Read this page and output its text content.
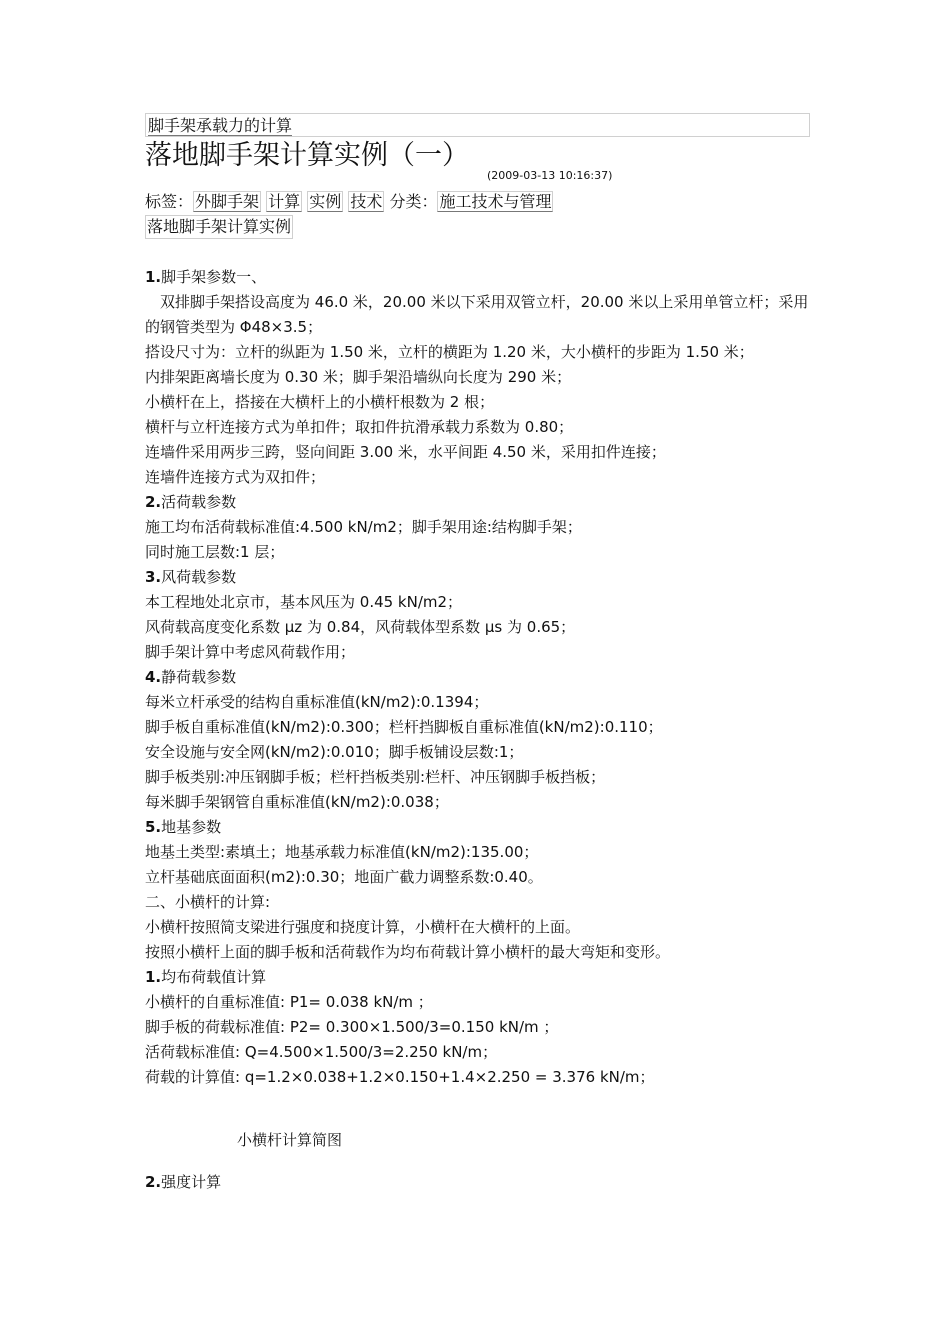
脚手架承载力的计算
落地脚手架计算实例（一）
(2009-03-13 10:16:37)
标签： 外脚手架 计算 实例 技术 分类： 施工技术与管理
落地脚手架计算实例

1.脚手架参数一、

双排脚手架搭设高度为 46.0 米，20.00 米以下采用双管立杆，20.00 米以上采用单管立杆；采用的钢管类型为 Φ48×3.5；

搭设尺寸为：立杆的纵距为 1.50 米，立杆的横距为 1.20 米，大小横杆的步距为 1.50 米；

内排架距离墙长度为 0.30 米；脚手架沿墙纵向长度为 290 米；

小横杆在上，搭接在大横杆上的小横杆根数为 2 根；

横杆与立杆连接方式为单扣件；取扣件抗滑承载力系数为 0.80；

连墙件采用两步三跨，竖向间距 3.00 米，水平间距 4.50 米，采用扣件连接；

连墙件连接方式为双扣件；

2.活荷载参数

施工均布活荷载标准值:4.500 kN/m2；脚手架用途:结构脚手架；

同时施工层数:1 层；

3.风荷载参数

本工程地处北京市，基本风压为 0.45 kN/m2；

风荷载高度变化系数 μz 为 0.84，风荷载体型系数 μs 为 0.65；

脚手架计算中考虑风荷载作用；

4.静荷载参数

每米立杆承受的结构自重标准值(kN/m2):0.1394；

脚手板自重标准值(kN/m2):0.300；栏杆挡脚板自重标准值(kN/m2):0.110；

安全设施与安全网(kN/m2):0.010；脚手板铺设层数:1；

脚手板类别:冲压钢脚手板；栏杆挡板类别:栏杆、冲压钢脚手板挡板；

每米脚手架钢管自重标准值(kN/m2):0.038；

5.地基参数

地基土类型:素填土；地基承载力标准值(kN/m2):135.00；

立杆基础底面面积(m2):0.30；地面广截力调整系数:0.40。

二、小横杆的计算:

小横杆按照简支梁进行强度和挠度计算，小横杆在大横杆的上面。

按照小横杆上面的脚手板和活荷载作为均布荷载计算小横杆的最大弯矩和变形。

1.均布荷载值计算

小横杆的自重标准值: P1= 0.038 kN/m ；

脚手板的荷载标准值: P2= 0.300×1.500/3=0.150 kN/m ；

活荷载标准值: Q=4.500×1.500/3=2.250 kN/m；

荷载的计算值: q=1.2×0.038+1.2×0.150+1.4×2.250 = 3.376 kN/m；

小横杆计算简图
2.强度计算
